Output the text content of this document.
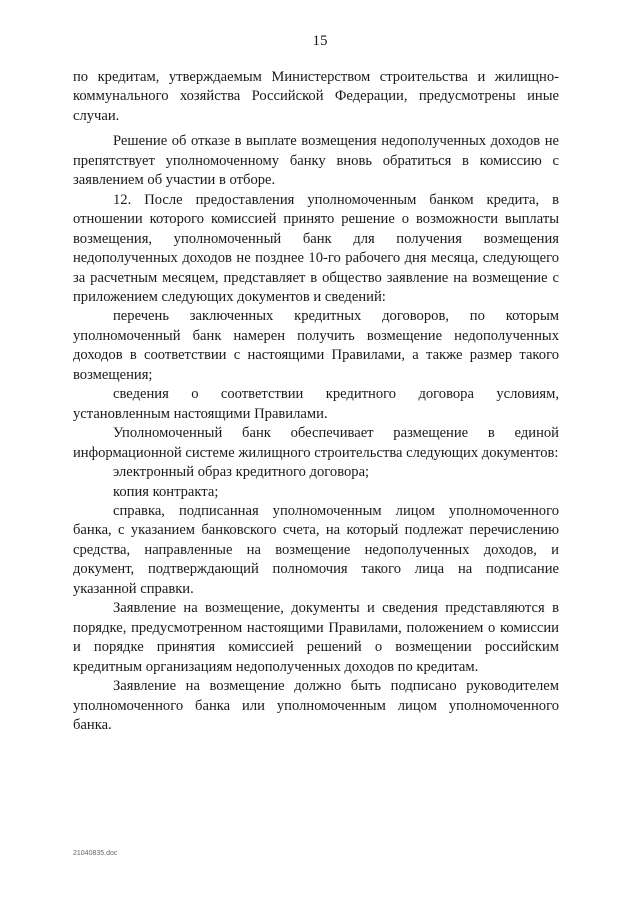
15

по кредитам, утверждаемым Министерством строительства и жилищно-коммунального хозяйства Российской Федерации, предусмотрены иные случаи.

Решение об отказе в выплате возмещения недополученных доходов не препятствует уполномоченному банку вновь обратиться в комиссию с заявлением об участии в отборе.

12. После предоставления уполномоченным банком кредита, в отношении которого комиссией принято решение о возможности выплаты возмещения, уполномоченный банк для получения возмещения недополученных доходов не позднее 10-го рабочего дня месяца, следующего за расчетным месяцем, представляет в общество заявление на возмещение с приложением следующих документов и сведений:

перечень заключенных кредитных договоров, по которым уполномоченный банк намерен получить возмещение недополученных доходов в соответствии с настоящими Правилами, а также размер такого возмещения;

сведения о соответствии кредитного договора условиям, установленным настоящими Правилами.

Уполномоченный банк обеспечивает размещение в единой информационной системе жилищного строительства следующих документов:

электронный образ кредитного договора;

копия контракта;

справка, подписанная уполномоченным лицом уполномоченного банка, с указанием банковского счета, на который подлежат перечислению средства, направленные на возмещение недополученных доходов, и документ, подтверждающий полномочия такого лица на подписание указанной справки.

Заявление на возмещение, документы и сведения представляются в порядке, предусмотренном настоящими Правилами, положением о комиссии и порядке принятия комиссией решений о возмещении российским кредитным организациям недополученных доходов по кредитам.

Заявление на возмещение должно быть подписано руководителем уполномоченного банка или уполномоченным лицом уполномоченного банка.

21040835.doc
